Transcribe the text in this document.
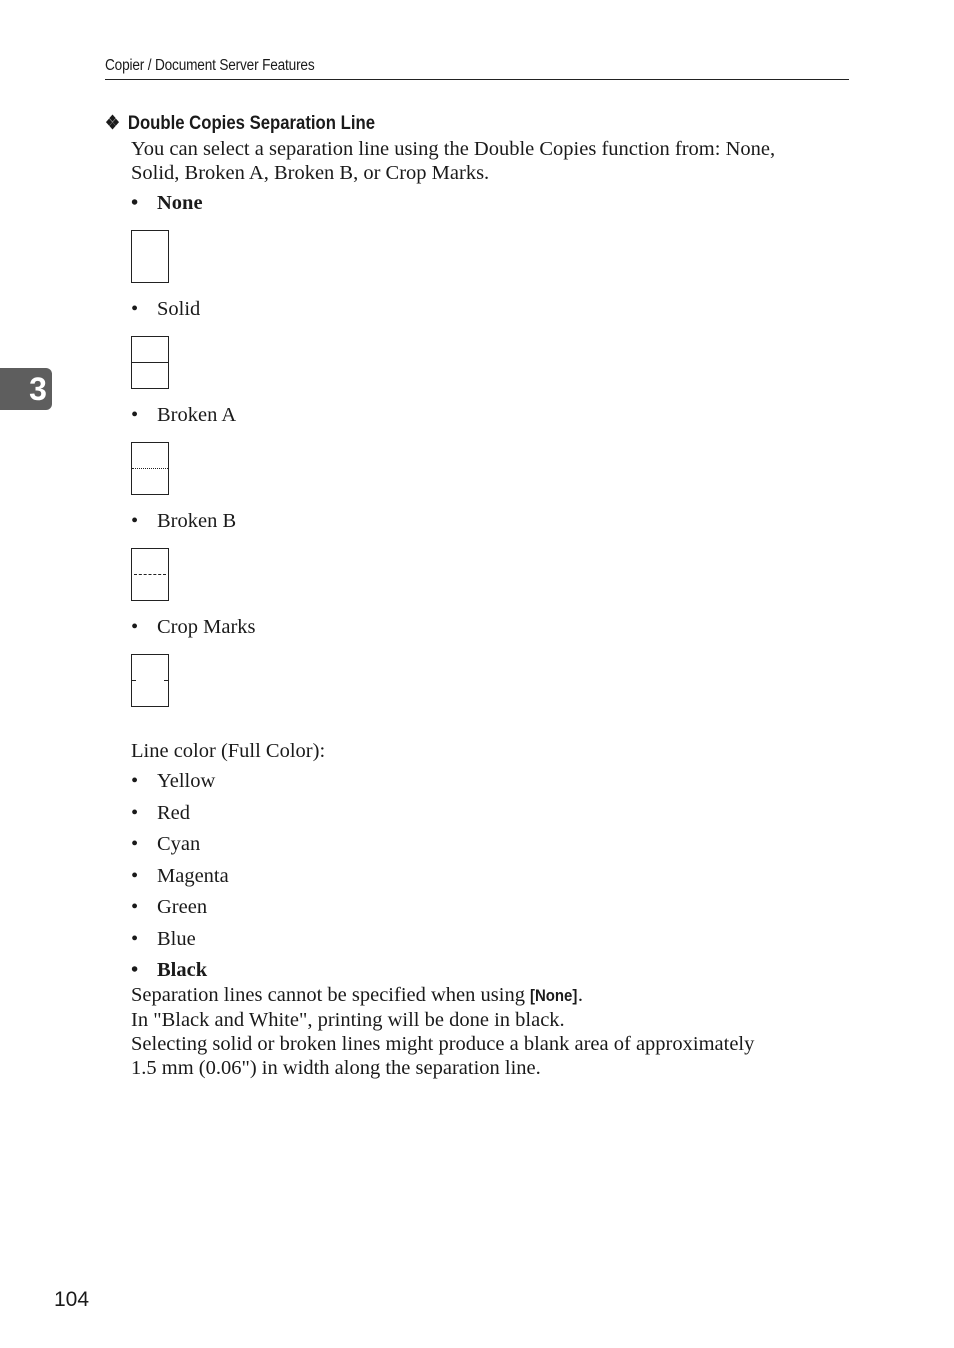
Copier / Document Server Features
3
❖ Double Copies Separation Line
You can select a separation line using the Double Copies function from: None,
Solid, Broken A, Broken B, or Crop Marks.
• None
• Solid
• Broken A
• Broken B
• Crop Marks
Line color (Full Color):
• Yellow
• Red
• Cyan
• Magenta
• Green
• Blue
• Black
Separation lines cannot be specified when using [None].
In "Black and White", printing will be done in black.
Selecting solid or broken lines might produce a blank area of approximately
1.5 mm (0.06") in width along the separation line.
104
